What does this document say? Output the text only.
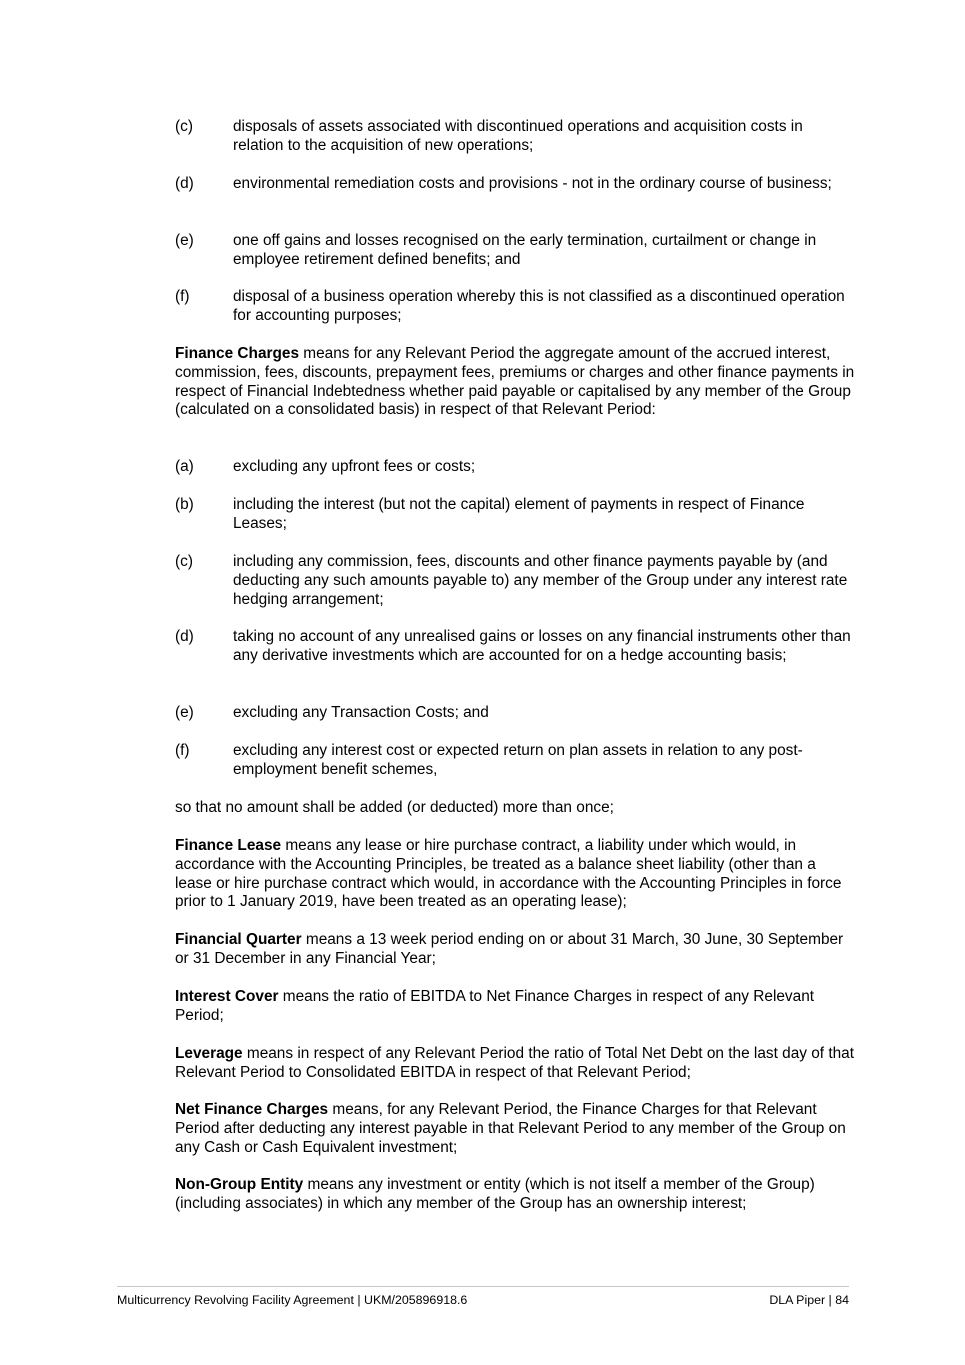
(c)	disposals of assets associated with discontinued operations and acquisition costs in relation to the acquisition of new operations;
(d)	environmental remediation costs and provisions - not in the ordinary course of business;
(e)	one off gains and losses recognised on the early termination, curtailment or change in employee retirement defined benefits; and
(f)	disposal of a business operation whereby this is not classified as a discontinued operation for accounting purposes;
Finance Charges means for any Relevant Period the aggregate amount of the accrued interest, commission, fees, discounts, prepayment fees, premiums or charges and other finance payments in respect of Financial Indebtedness whether paid payable or capitalised by any member of the Group (calculated on a consolidated basis) in respect of that Relevant Period:
(a)	excluding any upfront fees or costs;
(b)	including the interest (but not the capital) element of payments in respect of Finance Leases;
(c)	including any commission, fees, discounts and other finance payments payable by (and deducting any such amounts payable to) any member of the Group under any interest rate hedging arrangement;
(d)	taking no account of any unrealised gains or losses on any financial instruments other than any derivative investments which are accounted for on a hedge accounting basis;
(e)	excluding any Transaction Costs; and
(f)	excluding any interest cost or expected return on plan assets in relation to any post-employment benefit schemes,
so that no amount shall be added (or deducted) more than once;
Finance Lease means any lease or hire purchase contract, a liability under which would, in accordance with the Accounting Principles, be treated as a balance sheet liability (other than a lease or hire purchase contract which would, in accordance with the Accounting Principles in force prior to 1 January 2019, have been treated as an operating lease);
Financial Quarter means a 13 week period ending on or about 31 March, 30 June, 30 September or 31 December in any Financial Year;
Interest Cover means the ratio of EBITDA to Net Finance Charges in respect of any Relevant Period;
Leverage means in respect of any Relevant Period the ratio of Total Net Debt on the last day of that Relevant Period to Consolidated EBITDA in respect of that Relevant Period;
Net Finance Charges means, for any Relevant Period, the Finance Charges for that Relevant Period after deducting any interest payable in that Relevant Period to any member of the Group on any Cash or Cash Equivalent investment;
Non-Group Entity means any investment or entity (which is not itself a member of the Group) (including associates) in which any member of the Group has an ownership interest;
Multicurrency Revolving Facility Agreement | UKM/205896918.6	DLA Piper | 84
